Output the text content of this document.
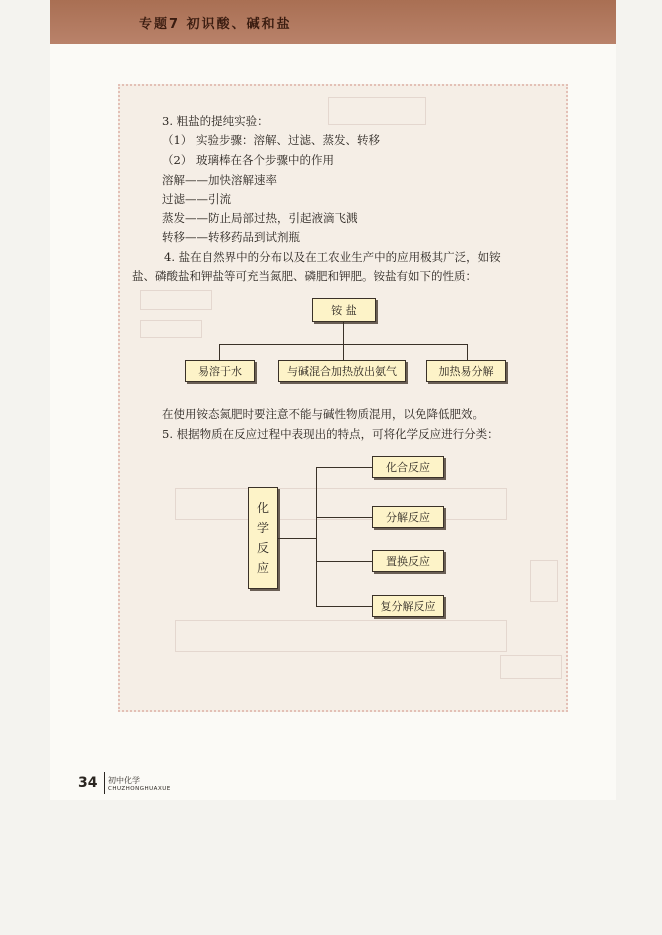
专题7 初识酸、碱和盐
3. 粗盐的提纯实验：
（1） 实验步骤：溶解、过滤、蒸发、转移
（2） 玻璃棒在各个步骤中的作用
溶解——加快溶解速率
过滤——引流
蒸发——防止局部过热，引起液滴飞溅
转移——转移药品到试剂瓶
4. 盐在自然界中的分布以及在工农业生产中的应用极其广泛，如铵
盐、磷酸盐和钾盐等可充当氮肥、磷肥和钾肥。铵盐有如下的性质：
在使用铵态氮肥时要注意不能与碱性物质混用，以免降低肥效。
5. 根据物质在反应过程中表现出的特点，可将化学反应进行分类：
铵 盐
易溶于水	与碱混合加热放出氨气	加热易分解
化
学
反
应
化合反应
分解反应
置换反应
复分解反应
34 初中化学
CHUZHONGHUAXUE
